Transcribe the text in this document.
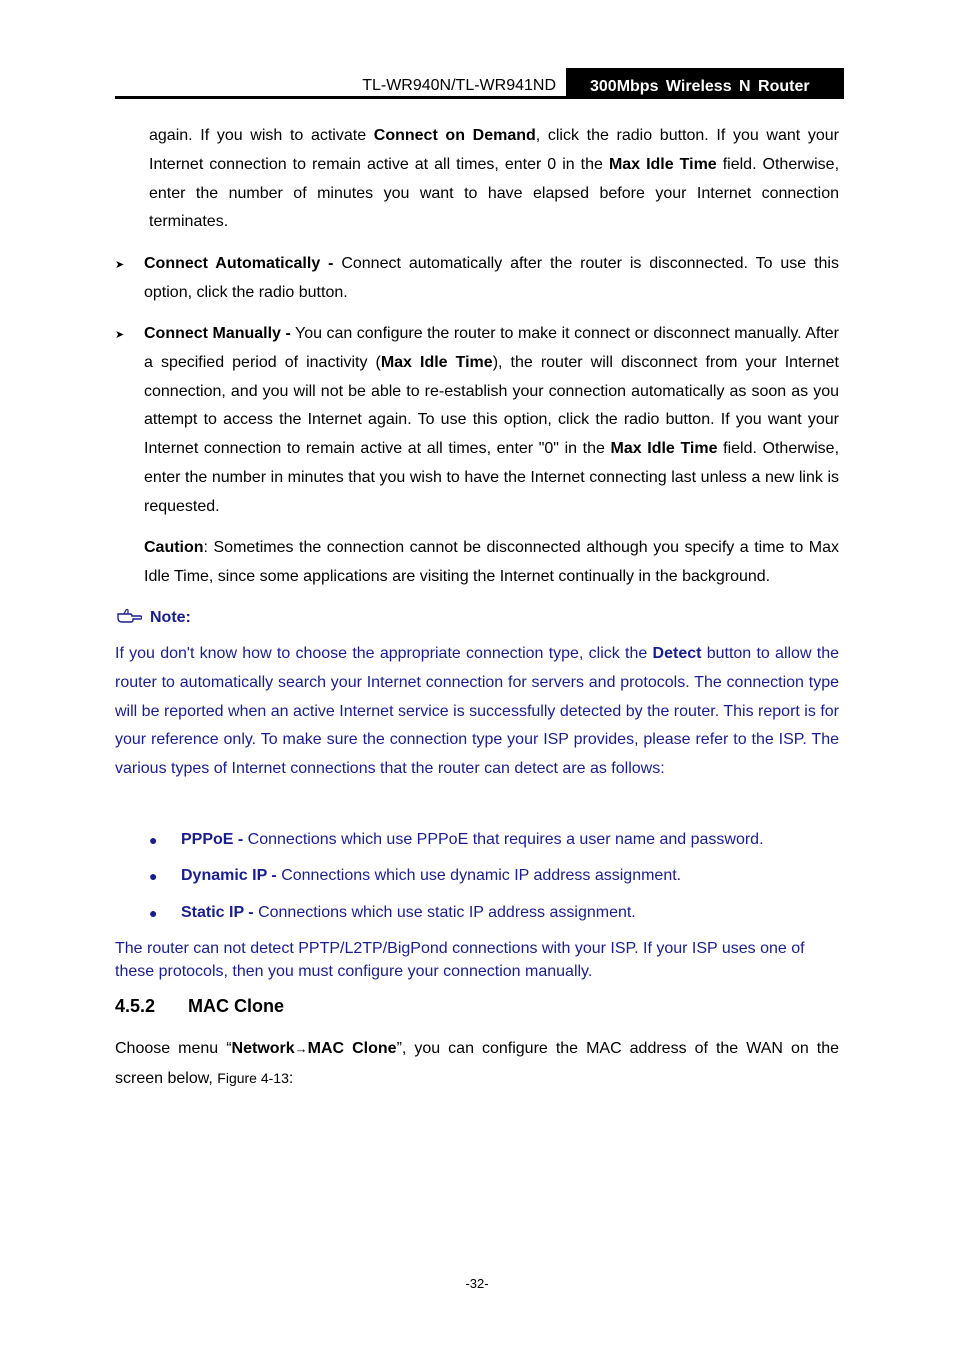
TL-WR940N/TL-WR941ND	300Mbps Wireless N Router

again. If you wish to activate Connect on Demand, click the radio button. If you want your Internet connection to remain active at all times, enter 0 in the Max Idle Time field. Otherwise, enter the number of minutes you want to have elapsed before your Internet connection terminates.

➤ Connect Automatically - Connect automatically after the router is disconnected. To use this option, click the radio button.

➤ Connect Manually - You can configure the router to make it connect or disconnect manually. After a specified period of inactivity (Max Idle Time), the router will disconnect from your Internet connection, and you will not be able to re-establish your connection automatically as soon as you attempt to access the Internet again. To use this option, click the radio button. If you want your Internet connection to remain active at all times, enter "0" in the Max Idle Time field. Otherwise, enter the number in minutes that you wish to have the Internet connecting last unless a new link is requested.

Caution: Sometimes the connection cannot be disconnected although you specify a time to Max Idle Time, since some applications are visiting the Internet continually in the background.

Note:

If you don't know how to choose the appropriate connection type, click the Detect button to allow the router to automatically search your Internet connection for servers and protocols. The connection type will be reported when an active Internet service is successfully detected by the router. This report is for your reference only. To make sure the connection type your ISP provides, please refer to the ISP. The various types of Internet connections that the router can detect are as follows:

● PPPoE - Connections which use PPPoE that requires a user name and password.

● Dynamic IP - Connections which use dynamic IP address assignment.

● Static IP - Connections which use static IP address assignment.

The router can not detect PPTP/L2TP/BigPond connections with your ISP. If your ISP uses one of these protocols, then you must configure your connection manually.

4.5.2 MAC Clone

Choose menu “Network→MAC Clone”, you can configure the MAC address of the WAN on the screen below, Figure 4-13:

-32-
